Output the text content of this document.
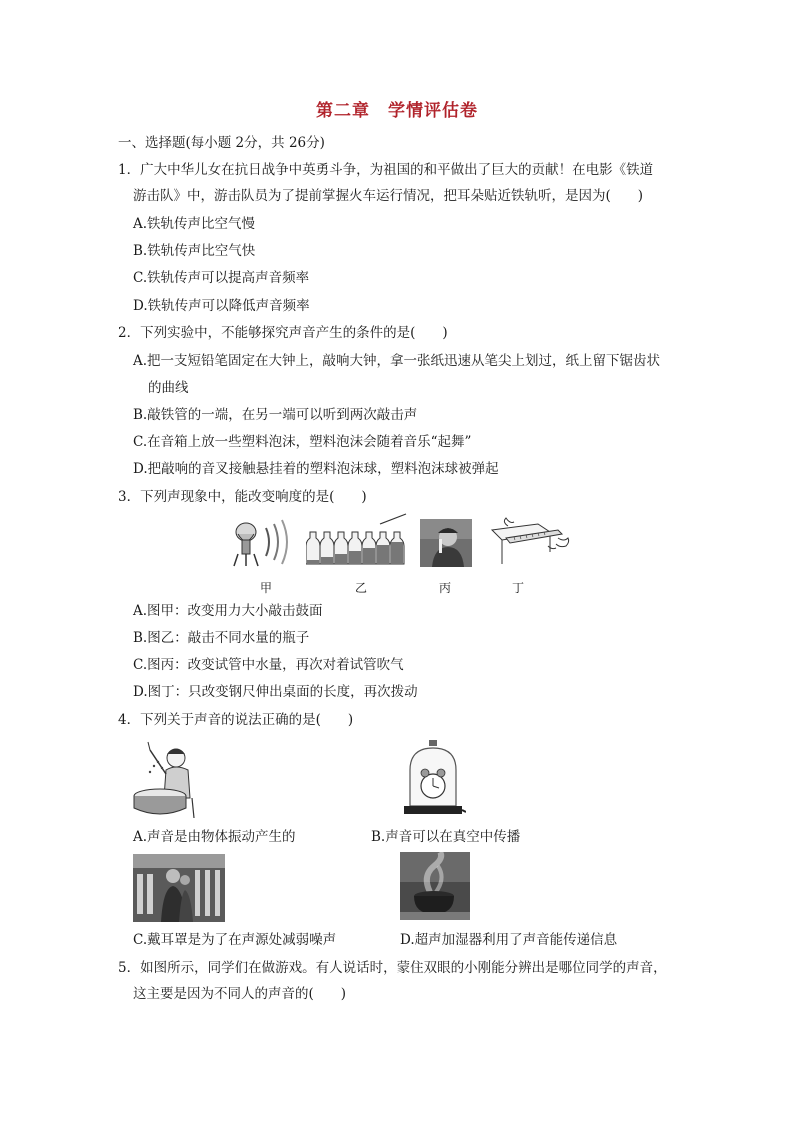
第二章　学情评估卷
一、选择题(每小题 2分，共 26分)
1．广大中华儿女在抗日战争中英勇斗争，为祖国的和平做出了巨大的贡献！在电影《铁道
游击队》中，游击队员为了提前掌握火车运行情况，把耳朵贴近铁轨听，是因为(　　)
A.铁轨传声比空气慢
B.铁轨传声比空气快
C.铁轨传声可以提高声音频率
D.铁轨传声可以降低声音频率
2．下列实验中，不能够探究声音产生的条件的是(　　)
A.把一支短铅笔固定在大钟上，敲响大钟，拿一张纸迅速从笔尖上划过，纸上留下锯齿状
的曲线
B.敲铁管的一端，在另一端可以听到两次敲击声
C.在音箱上放一些塑料泡沫，塑料泡沫会随着音乐“起舞”
D.把敲响的音叉接触悬挂着的塑料泡沫球，塑料泡沫球被弹起
3．下列声现象中，能改变响度的是(　　)
甲	乙	丙	丁
A.图甲：改变用力大小敲击鼓面
B.图乙：敲击不同水量的瓶子
C.图丙：改变试管中水量，再次对着试管吹气
D.图丁：只改变钢尺伸出桌面的长度，再次拨动
4．下列关于声音的说法正确的是(　　)
A.声音是由物体振动产生的	B.声音可以在真空中传播
C.戴耳罩是为了在声源处减弱噪声	D.超声加湿器利用了声音能传递信息
5．如图所示，同学们在做游戏。有人说话时，蒙住双眼的小刚能分辨出是哪位同学的声音，
这主要是因为不同人的声音的(　　)
